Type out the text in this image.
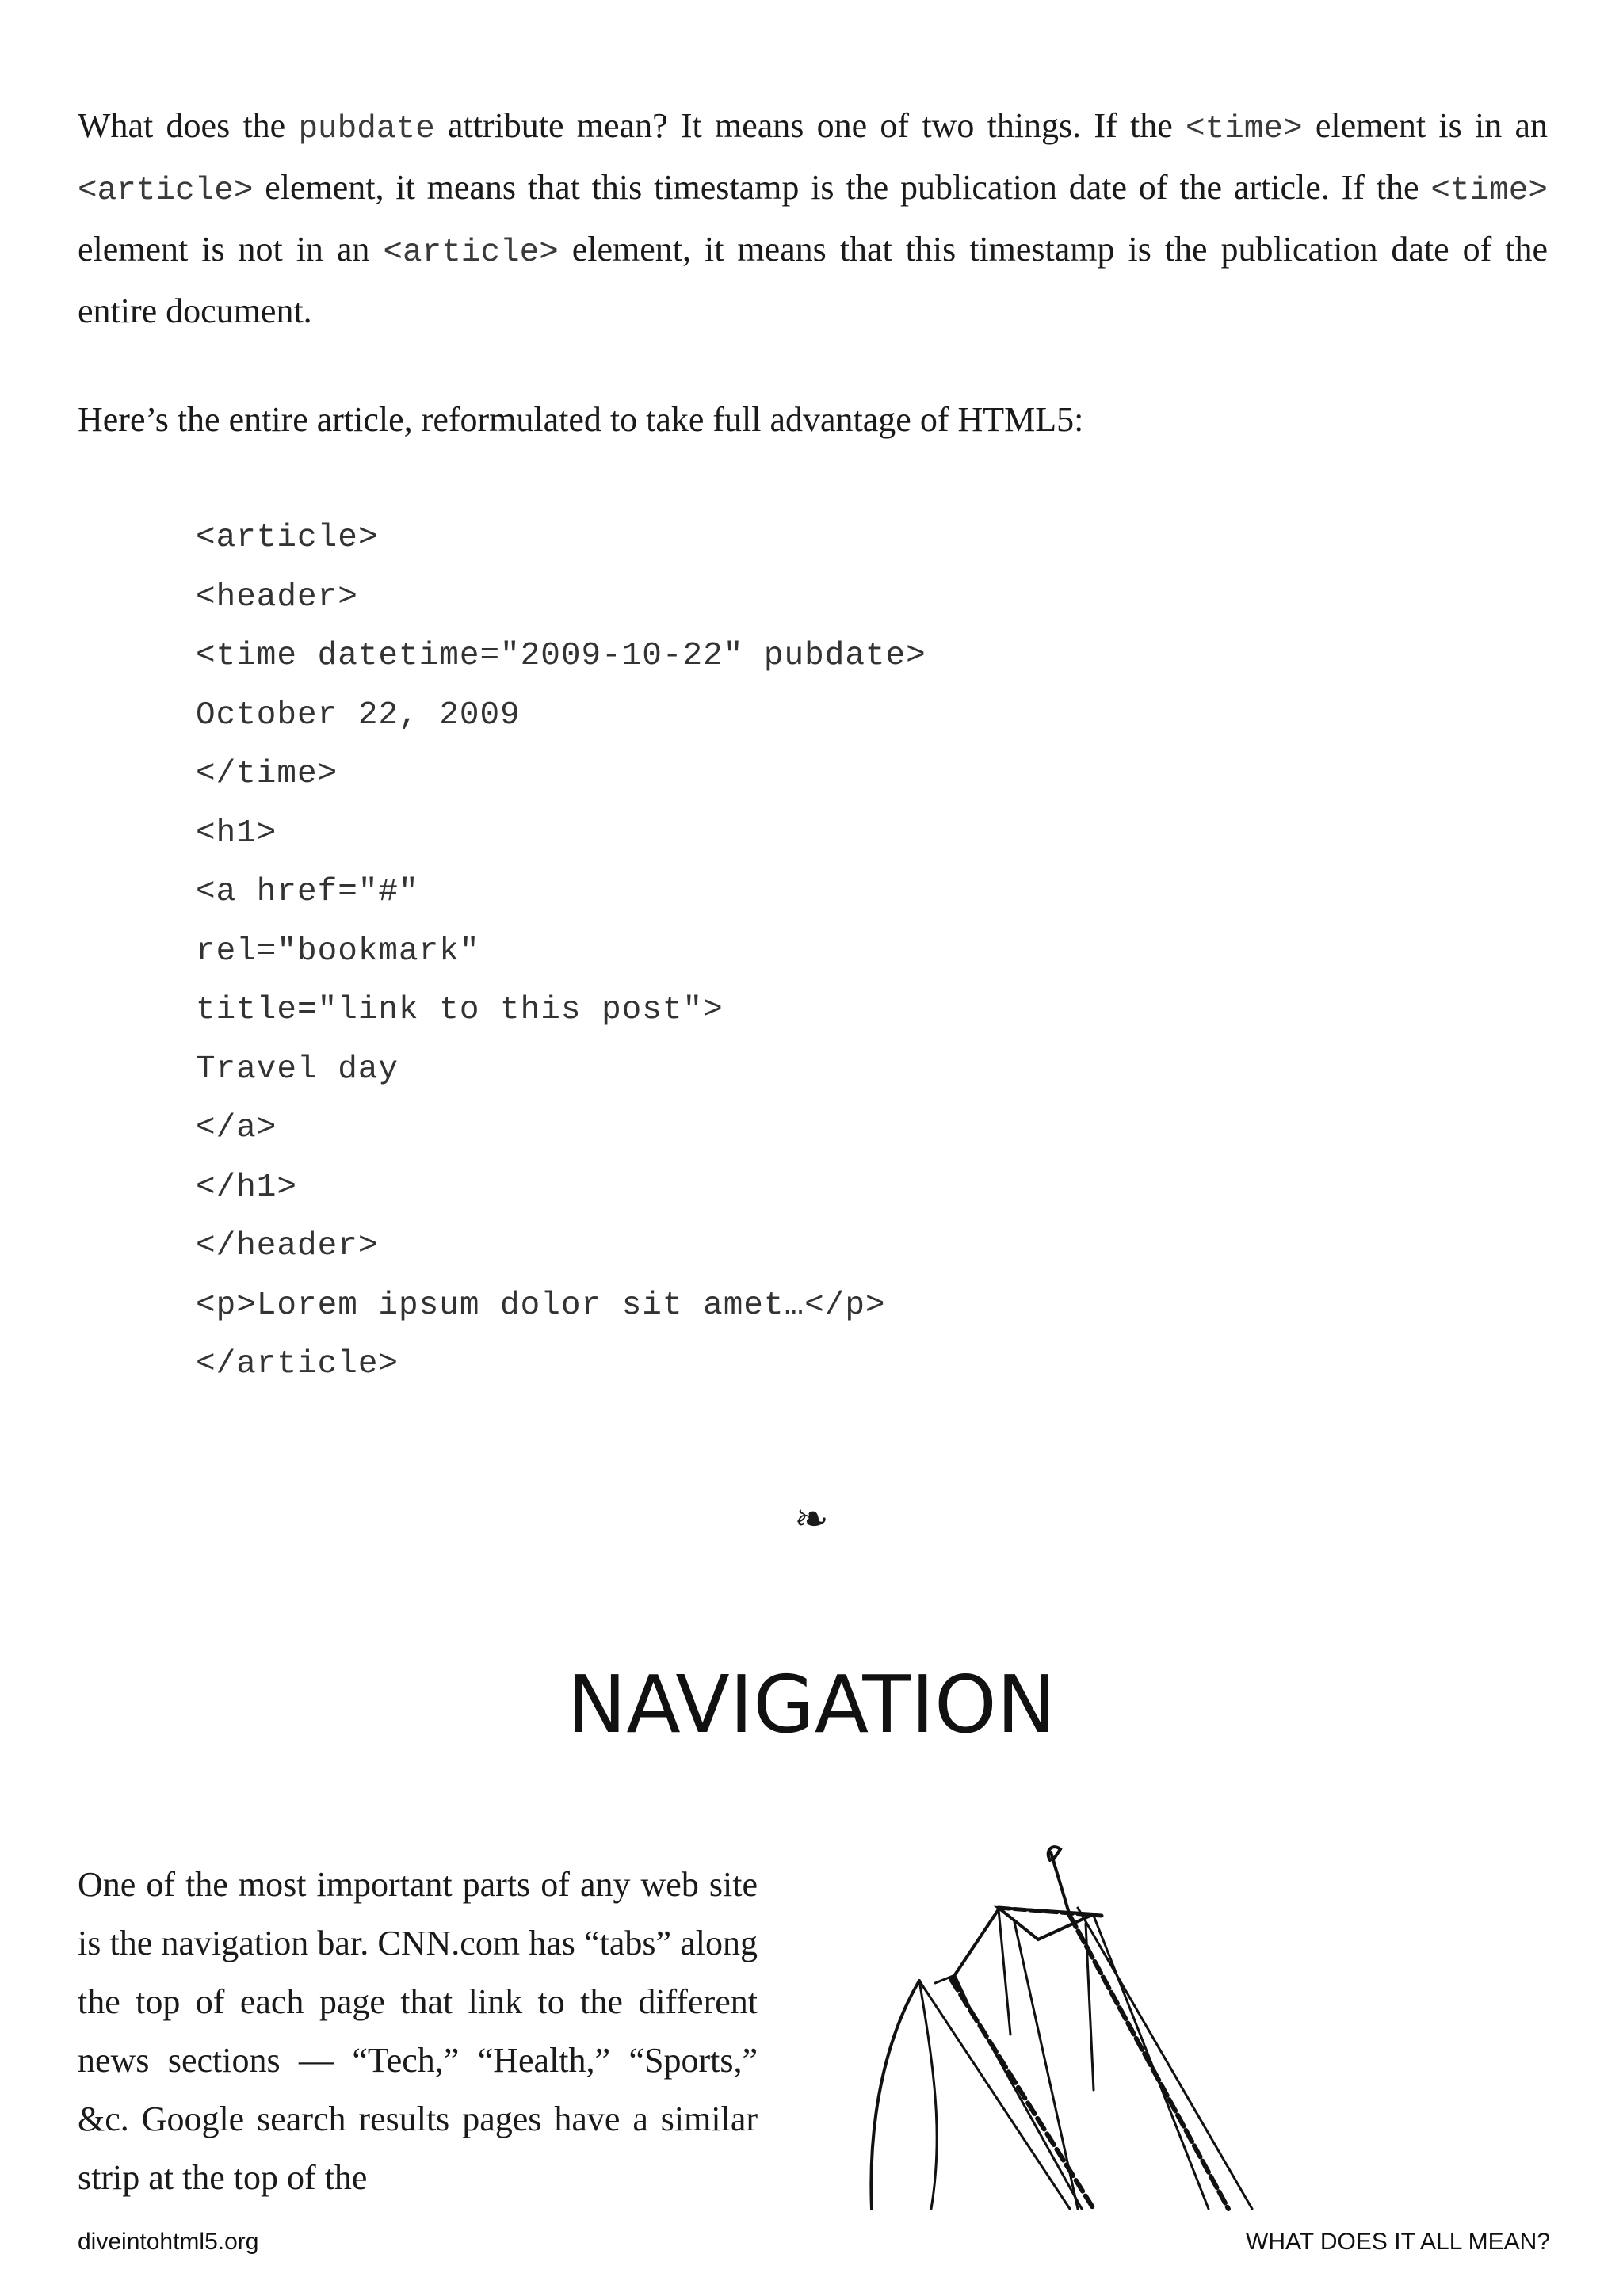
What does the pubdate attribute mean? It means one of two things. If the <time> element is in an <article> element, it means that this timestamp is the publication date of the article. If the <time> element is not in an <article> element, it means that this timestamp is the publication date of the entire document.

Here’s the entire article, reformulated to take full advantage of HTML5:

<article>
<header>
<time datetime="2009-10-22" pubdate>
October 22, 2009
</time>
<h1>
<a href="#"
rel="bookmark"
title="link to this post">
Travel day
</a>
</h1>
</header>
<p>Lorem ipsum dolor sit amet…</p>
</article>
❧
NAVIGATION

One of the most important parts of any web site is the navigation bar. CNN.com has “tabs” along the top of each page that link to the different news sections — “Tech,” “Health,” “Sports,” &c. Google search results pages have a similar strip at the top of the

diveintohtml5.org	WHAT DOES IT ALL MEAN?
